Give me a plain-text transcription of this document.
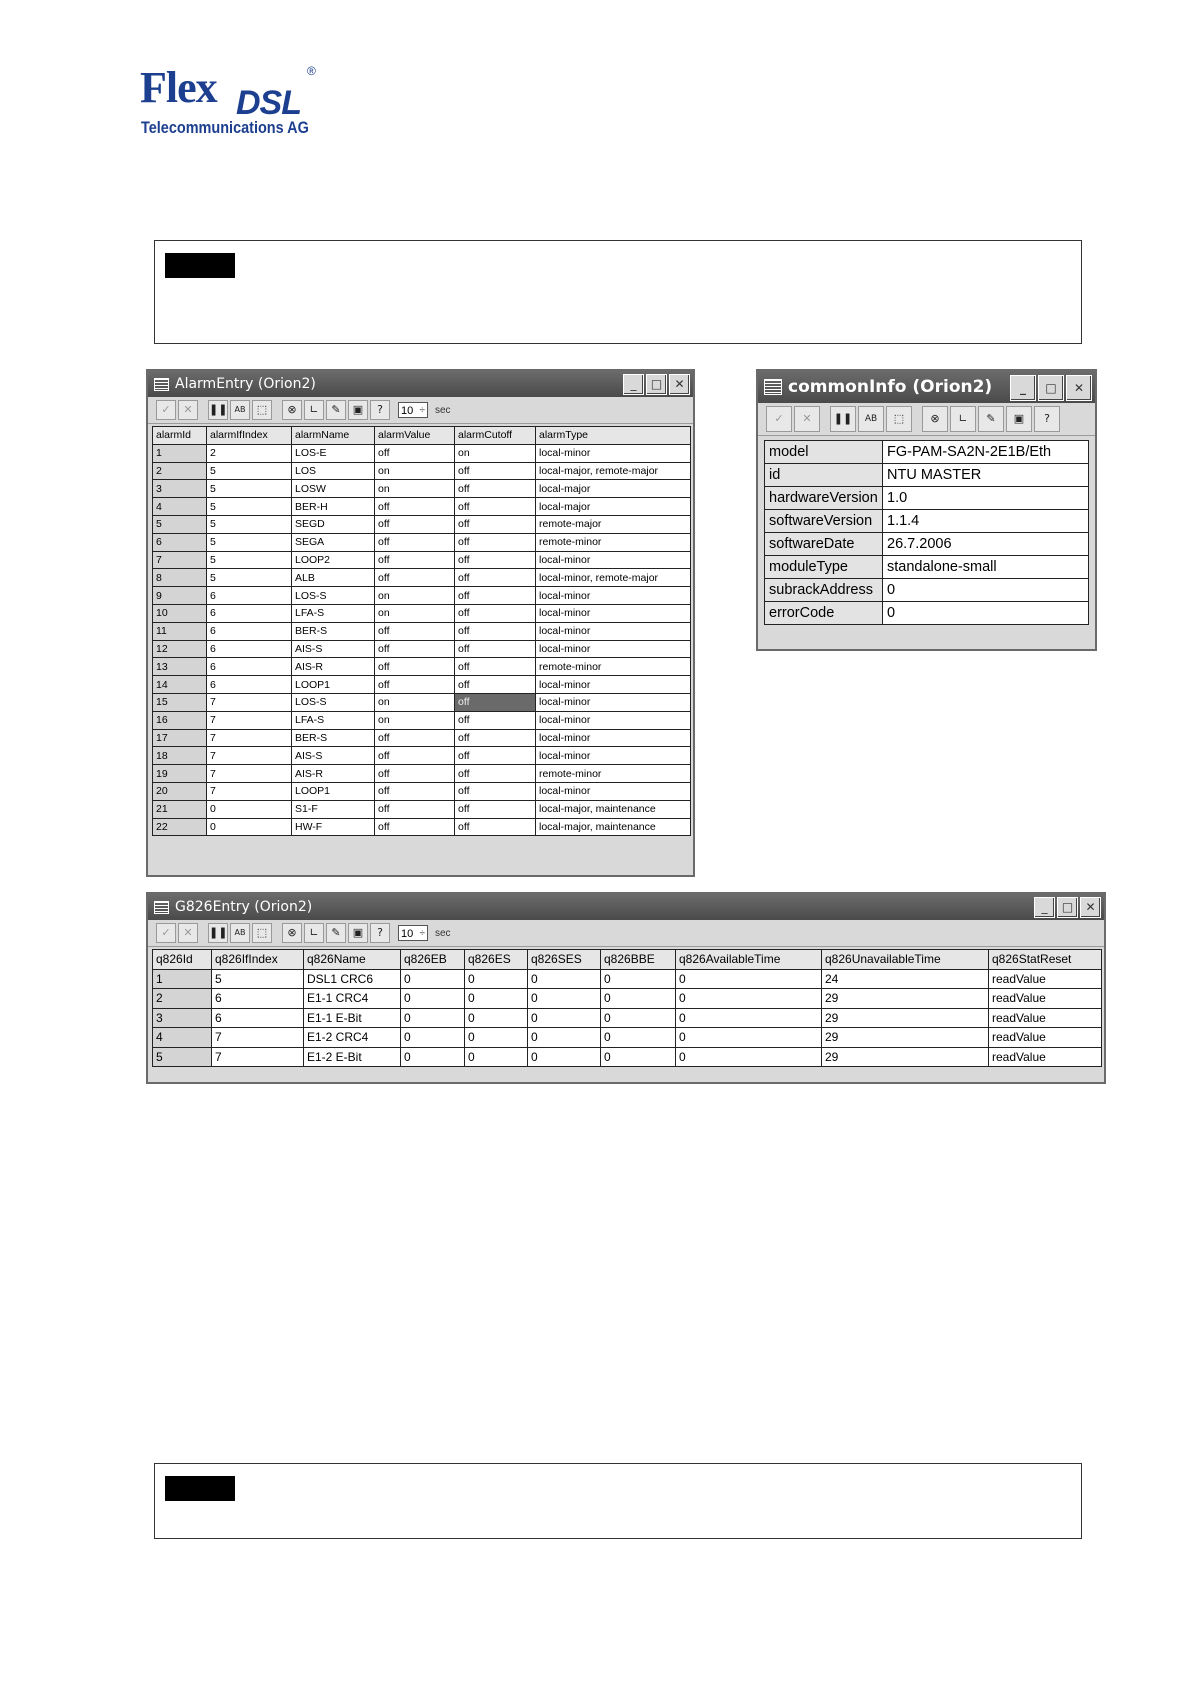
Flex DSL
®
Telecommunications AG
AlarmEntry (Orion2)	_	□	✕
✓	✕	❚❚ AB	⬚	⊗	∟	✎	▣	?	10 ÷	sec
alarmId	alarmIfIndex	alarmName	alarmValue	alarmCutoff	alarmType
1	2	LOS-E	off	on	local-minor
2	5	LOS	on	off	local-major, remote-major
3	5	LOSW	on	off	local-major
4	5	BER-H	off	off	local-major
5	5	SEGD	off	off	remote-major
6	5	SEGA	off	off	remote-minor
7	5	LOOP2	off	off	local-minor
8	5	ALB	off	off	local-minor, remote-major
9	6	LOS-S	on	off	local-minor
10	6	LFA-S	on	off	local-minor
11	6	BER-S	off	off	local-minor
12	6	AIS-S	off	off	local-minor
13	6	AIS-R	off	off	remote-minor
14	6	LOOP1	off	off	local-minor
15	7	LOS-S	on	off	local-minor
16	7	LFA-S	on	off	local-minor
17	7	BER-S	off	off	local-minor
18	7	AIS-S	off	off	local-minor
19	7	AIS-R	off	off	remote-minor
20	7	LOOP1	off	off	local-minor
21	0	S1-F	off	off	local-major, maintenance
22	0	HW-F	off	off	local-major, maintenance
commonInfo (Orion2)	_	□	✕
✓	✕	❚❚	AB	⬚	⊗	∟	✎	▣	?
model	FG-PAM-SA2N-2E1B/Eth
id	NTU MASTER
hardwareVersion	1.0
softwareVersion	1.1.4
softwareDate	26.7.2006
moduleType	standalone-small
subrackAddress	0
errorCode	0
G826Entry (Orion2)	_	□	✕
✓	✕	❚❚ AB	⬚	⊗	∟	✎	▣	?	10 ÷	sec
q826Id	q826IfIndex	q826Name	q826EB	q826ES	q826SES	q826BBE	q826AvailableTime	q826UnavailableTime	q826StatReset
1	5	DSL1 CRC6	0	0	0	0	0	24	readValue
2	6	E1-1 CRC4	0	0	0	0	0	29	readValue
3	6	E1-1 E-Bit	0	0	0	0	0	29	readValue
4	7	E1-2 CRC4	0	0	0	0	0	29	readValue
5	7	E1-2 E-Bit	0	0	0	0	0	29	readValue
